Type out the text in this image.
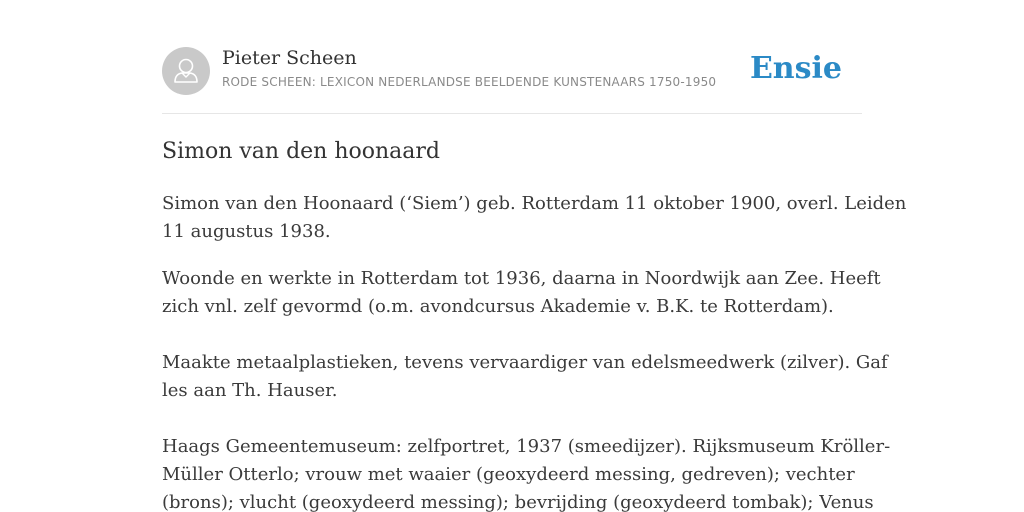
Pieter Scheen
RODE SCHEEN: LEXICON NEDERLANDSE BEELDENDE KUNSTENAARS 1750-1950 Ensie
Simon van den hoonaard

Simon van den Hoonaard (‘Siem’) geb. Rotterdam 11 oktober 1900, overl. Leiden

11 augustus 1938.

Woonde en werkte in Rotterdam tot 1936, daarna in Noordwijk aan Zee. Heeft

zich vnl. zelf gevormd (o.m. avondcursus Akademie v. B.K. te Rotterdam).

Maakte metaalplastieken, tevens vervaardiger van edelsmeedwerk (zilver). Gaf

les aan Th. Hauser.

Haags Gemeentemuseum: zelfportret, 1937 (smeedijzer). Rijksmuseum Kröller-

Müller Otterlo; vrouw met waaier (geoxydeerd messing, gedreven); vechter

(brons); vlucht (geoxydeerd messing); bevrijding (geoxydeerd tombak); Venus
